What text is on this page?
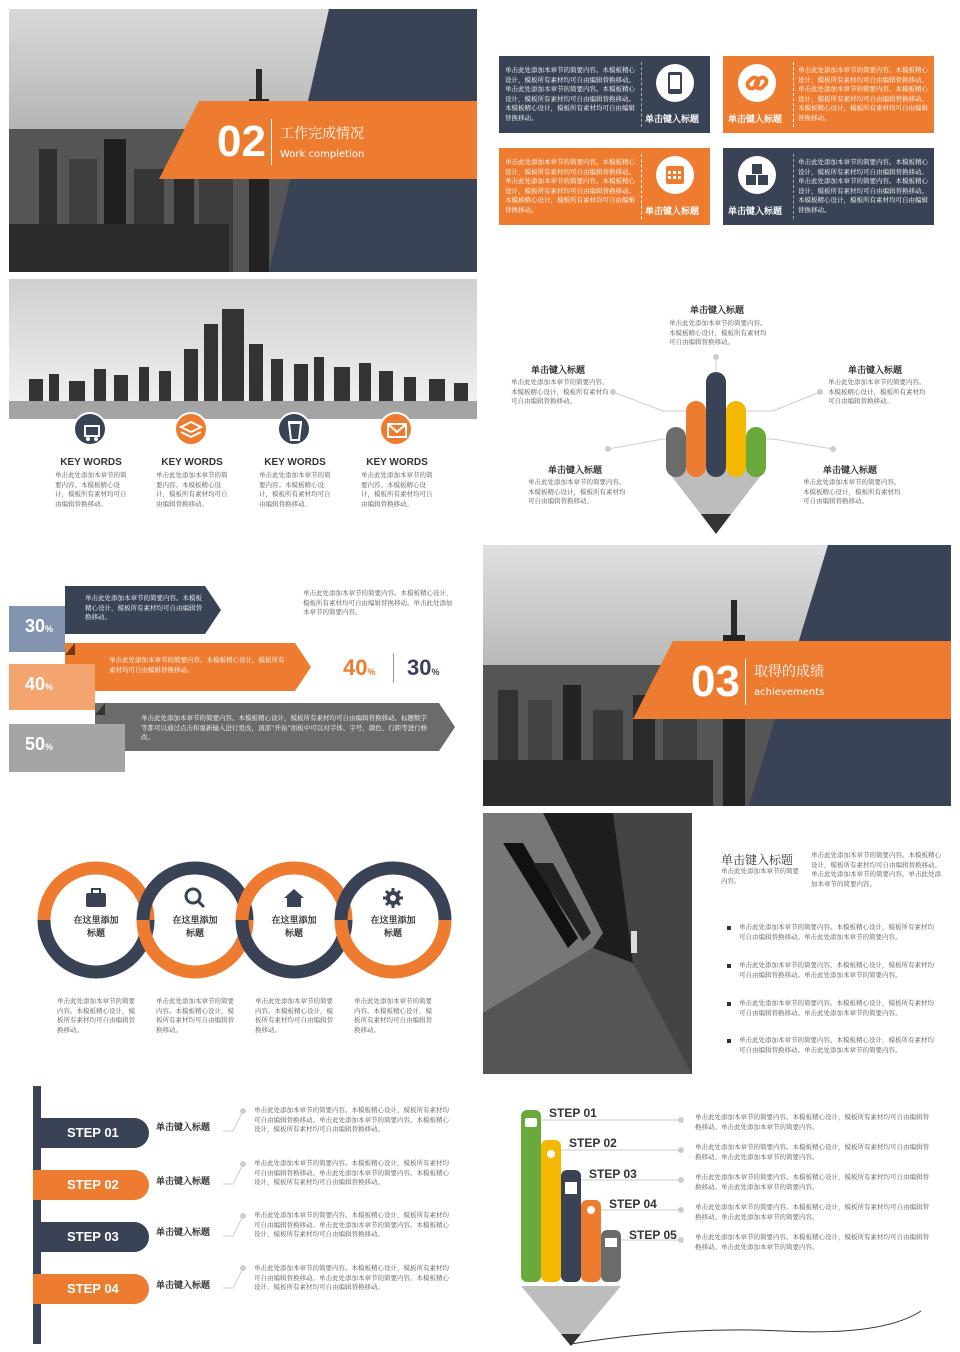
02 工作完成情况
Work completion
单击此处添加本章节的简要内容。本模板精心设计，模板所有素材均可自由编辑替换移动。单击此处添加本章节的简要内容。本模板精心设计，模板所有素材均可自由编辑替换移动。本模板精心设计，模板所有素材均可自由编辑替换移动。	单击键入标题	单击键入标题
单击此处添加本章节的简要内容。本模板精心设计，模板所有素材均可自由编辑替换移动。单击此处添加本章节的简要内容。本模板精心设计，模板所有素材均可自由编辑替换移动。本模板精心设计，模板所有素材均可自由编辑替换移动。
单击此处添加本章节的简要内容。本模板精心设计，模板所有素材均可自由编辑替换移动。单击此处添加本章节的简要内容。本模板精心设计，模板所有素材均可自由编辑替换移动。本模板精心设计，模板所有素材均可自由编辑替换移动。	单击键入标题	单击键入标题
单击此处添加本章节的简要内容。本模板精心设计，模板所有素材均可自由编辑替换移动。单击此处添加本章节的简要内容。本模板精心设计，模板所有素材均可自由编辑替换移动。本模板精心设计，模板所有素材均可自由编辑替换移动。
KEY WORDS
单击此处添加本章节的简要内容。本模板精心设计，模板所有素材均可自由编辑替换移动。
KEY WORDS
单击此处添加本章节的简要内容。本模板精心设计，模板所有素材均可自由编辑替换移动。
KEY WORDS
单击此处添加本章节的简要内容。本模板精心设计，模板所有素材均可自由编辑替换移动。
KEY WORDS
单击此处添加本章节的简要内容。本模板精心设计，模板所有素材均可自由编辑替换移动。
单击键入标题
单击此处添加本章节的简要内容。本模板精心设计，模板所有素材均可自由编辑替换移动。
单击键入标题
单击此处添加本章节的简要内容。本模板精心设计，模板所有素材均可自由编辑替换移动。
单击键入标题
单击此处添加本章节的简要内容。本模板精心设计，模板所有素材均可自由编辑替换移动。
单击键入标题
单击此处添加本章节的简要内容。本模板精心设计，模板所有素材均可自由编辑替换移动。
单击键入标题
单击此处添加本章节的简要内容。本模板精心设计，模板所有素材均可自由编辑替换移动。
30%
40%
50%
单击此处添加本章节的简要内容。本模板精心设计，模板所有素材均可自由编辑替换移动。
单击此处添加本章节的简要内容。本模板精心设计，模板所有素材均可自由编辑替换移动。
单击此处添加本章节的简要内容。本模板精心设计，模板所有素材均可自由编辑替换移动。标题数字等都可以通过点击和重新输入进行更改，顶部“开始”面板中可以对字体、字号、颜色、行距等进行修改。
单击此处添加本章节的简要内容。本模板精心设计，模板所有素材均可自由编辑替换移动。单击此处添加本章节的简要内容。
40% 30%	03 取得的成绩
achievements
在这里添加
标题
在这里添加
标题
在这里添加
标题
在这里添加
标题
单击此处添加本章节的简要内容。本模板精心设计，模板所有素材均可自由编辑替换移动。
单击此处添加本章节的简要内容。本模板精心设计，模板所有素材均可自由编辑替换移动。
单击此处添加本章节的简要内容。本模板精心设计，模板所有素材均可自由编辑替换移动。
单击此处添加本章节的简要内容。本模板精心设计，模板所有素材均可自由编辑替换移动。
单击键入标题
单击此处添加本章节的简要内容。
单击此处添加本章节的简要内容。本模板精心设计，模板所有素材均可自由编辑替换移动。单击此处添加本章节的简要内容。单击此处添加本章节的简要内容。
单击此处添加本章节的简要内容。本模板精心设计，模板所有素材均可自由编辑替换移动。单击此处添加本章节的简要内容。
单击此处添加本章节的简要内容。本模板精心设计，模板所有素材均可自由编辑替换移动。单击此处添加本章节的简要内容。
单击此处添加本章节的简要内容。本模板精心设计，模板所有素材均可自由编辑替换移动。单击此处添加本章节的简要内容。
单击此处添加本章节的简要内容。本模板精心设计，模板所有素材均可自由编辑替换移动。单击此处添加本章节的简要内容。
STEP 01
STEP 02
STEP 03
STEP 04
单击键入标题
单击键入标题
单击键入标题
单击键入标题
单击此处添加本章节的简要内容。本模板精心设计，模板所有素材均可自由编辑替换移动。单击此处添加本章节的简要内容。本模板精心设计，模板所有素材均可自由编辑替换移动。
单击此处添加本章节的简要内容。本模板精心设计，模板所有素材均可自由编辑替换移动。单击此处添加本章节的简要内容。本模板精心设计，模板所有素材均可自由编辑替换移动。
单击此处添加本章节的简要内容。本模板精心设计，模板所有素材均可自由编辑替换移动。单击此处添加本章节的简要内容。本模板精心设计，模板所有素材均可自由编辑替换移动。
单击此处添加本章节的简要内容。本模板精心设计，模板所有素材均可自由编辑替换移动。单击此处添加本章节的简要内容。本模板精心设计，模板所有素材均可自由编辑替换移动。
STEP 01
STEP 02
STEP 03
STEP 04
STEP 05
单击此处添加本章节的简要内容。本模板精心设计，模板所有素材均可自由编辑替换移动。单击此处添加本章节的简要内容。
单击此处添加本章节的简要内容。本模板精心设计，模板所有素材均可自由编辑替换移动。单击此处添加本章节的简要内容。
单击此处添加本章节的简要内容。本模板精心设计，模板所有素材均可自由编辑替换移动。单击此处添加本章节的简要内容。
单击此处添加本章节的简要内容。本模板精心设计，模板所有素材均可自由编辑替换移动。单击此处添加本章节的简要内容。
单击此处添加本章节的简要内容。本模板精心设计，模板所有素材均可自由编辑替换移动。单击此处添加本章节的简要内容。
